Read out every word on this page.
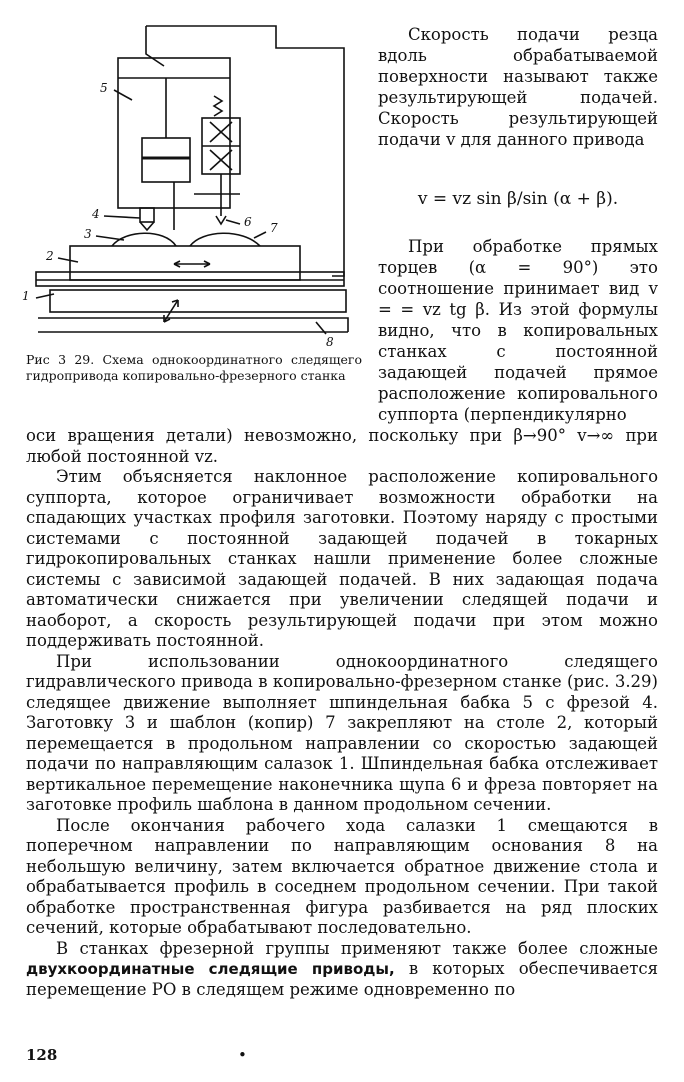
5
4
3
2
1
6 7
8
Рис 3 29. Схема однокоординатного следящего гидропривода копировально-фрезерного станка

Скорость подачи резца вдоль обрабатываемой поверхности называют также результирующей подачей. Скорость результирующей подачи v для данного привода

v = vz sin β/sin (α + β).

При обработке прямых торцев (α = 90°) это соотношение принимает вид v = = vz tg β. Из этой формулы видно, что в копировальных станках с постоянной задающей подачей прямое расположение копировального суппорта (перпендикулярно

оси вращения детали) невозможно, поскольку при β→90° v→∞ при любой постоянной vz.

Этим объясняется наклонное расположение копировального суппорта, которое ограничивает возможности обработки на спадающих участках профиля заготовки. Поэтому наряду с простыми системами с постоянной задающей подачей в токарных гидрокопировальных станках нашли применение более сложные системы с зависимой задающей подачей. В них задающая подача автоматически снижается при увеличении следящей подачи и наоборот, а скорость результирующей подачи при этом можно поддерживать постоянной.

При использовании однокоординатного следящего гидравлического привода в копировально-фрезерном станке (рис. 3.29) следящее движение выполняет шпиндельная бабка 5 с фрезой 4. Заготовку 3 и шаблон (копир) 7 закрепляют на столе 2, который перемещается в продольном направлении со скоростью задающей подачи по направляющим салазок 1. Шпиндельная бабка отслеживает вертикальное перемещение наконечника щупа 6 и фреза повторяет на заготовке профиль шаблона в данном продольном сечении.

После окончания рабочего хода салазки 1 смещаются в поперечном направлении по направляющим основания 8 на небольшую величину, затем включается обратное движение стола и обрабатывается профиль в соседнем продольном сечении. При такой обработке пространственная фигура разбивается на ряд плоских сечений, которые обрабатывают последовательно.

В станках фрезерной группы применяют также более сложные двухкоординатные следящие приводы, в которых обеспечивается перемещение РО в следящем режиме одновременно по

128	•
